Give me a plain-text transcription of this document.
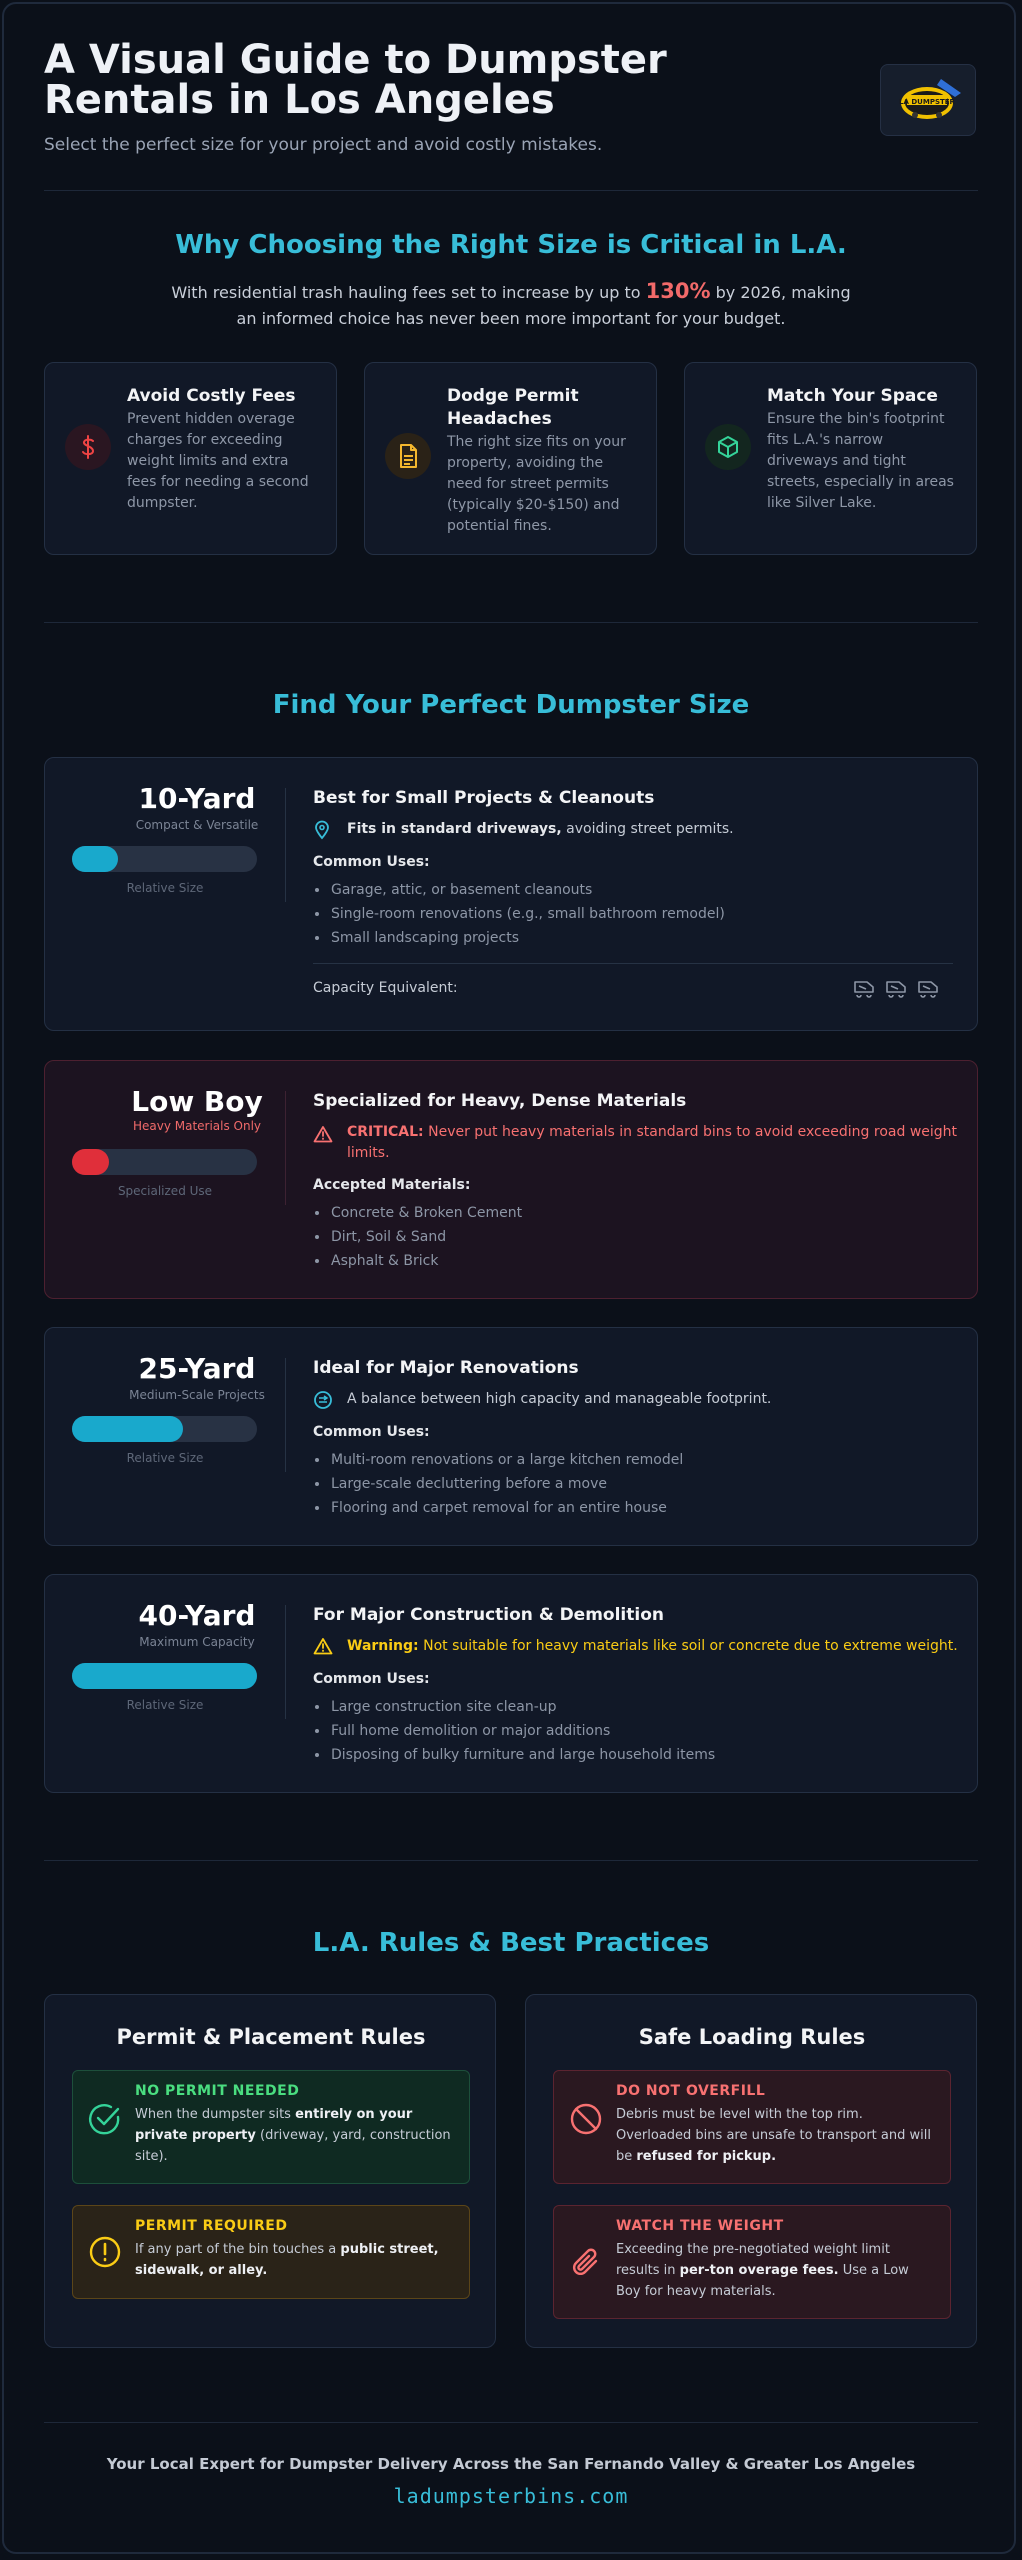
A Visual Guide to Dumpster Rentals in Los Angeles
Select the perfect size for your project and avoid costly mistakes.
LA DUMPSTER
Why Choosing the Right Size is Critical in L.A.
With residential trash hauling fees set to increase by up to 130% by 2026, making an informed choice has never been more important for your budget.
Avoid Costly Fees
Prevent hidden overage charges for exceeding weight limits and extra fees for needing a second dumpster.
Dodge Permit Headaches
The right size fits on your property, avoiding the need for street permits (typically $20-$150) and potential fines.
Match Your Space
Ensure the bin's footprint fits L.A.'s narrow driveways and tight streets, especially in areas like Silver Lake.
Find Your Perfect Dumpster Size
10-Yard
Compact & Versatile
Relative Size
Best for Small Projects & Cleanouts
Fits in standard driveways, avoiding street permits.
Common Uses:
Garage, attic, or basement cleanouts
Single-room renovations (e.g., small bathroom remodel)
Small landscaping projects
Capacity Equivalent:
Low Boy
Heavy Materials Only
Specialized Use
Specialized for Heavy, Dense Materials
CRITICAL: Never put heavy materials in standard bins to avoid exceeding road weight limits.
Accepted Materials:
Concrete & Broken Cement
Dirt, Soil & Sand
Asphalt & Brick
25-Yard
Medium-Scale Projects
Relative Size
Ideal for Major Renovations
A balance between high capacity and manageable footprint.
Common Uses:
Multi-room renovations or a large kitchen remodel
Large-scale decluttering before a move
Flooring and carpet removal for an entire house
40-Yard
Maximum Capacity
Relative Size
For Major Construction & Demolition
Warning: Not suitable for heavy materials like soil or concrete due to extreme weight.
Common Uses:
Large construction site clean-up
Full home demolition or major additions
Disposing of bulky furniture and large household items
L.A. Rules & Best Practices
Permit & Placement Rules
NO PERMIT NEEDED
When the dumpster sits entirely on your private property (driveway, yard, construction site).
PERMIT REQUIRED
If any part of the bin touches a public street, sidewalk, or alley.
Safe Loading Rules
DO NOT OVERFILL
Debris must be level with the top rim. Overloaded bins are unsafe to transport and will be refused for pickup.
WATCH THE WEIGHT
Exceeding the pre-negotiated weight limit results in per-ton overage fees. Use a Low Boy for heavy materials.
Your Local Expert for Dumpster Delivery Across the San Fernando Valley & Greater Los Angeles
ladumpsterbins.com
